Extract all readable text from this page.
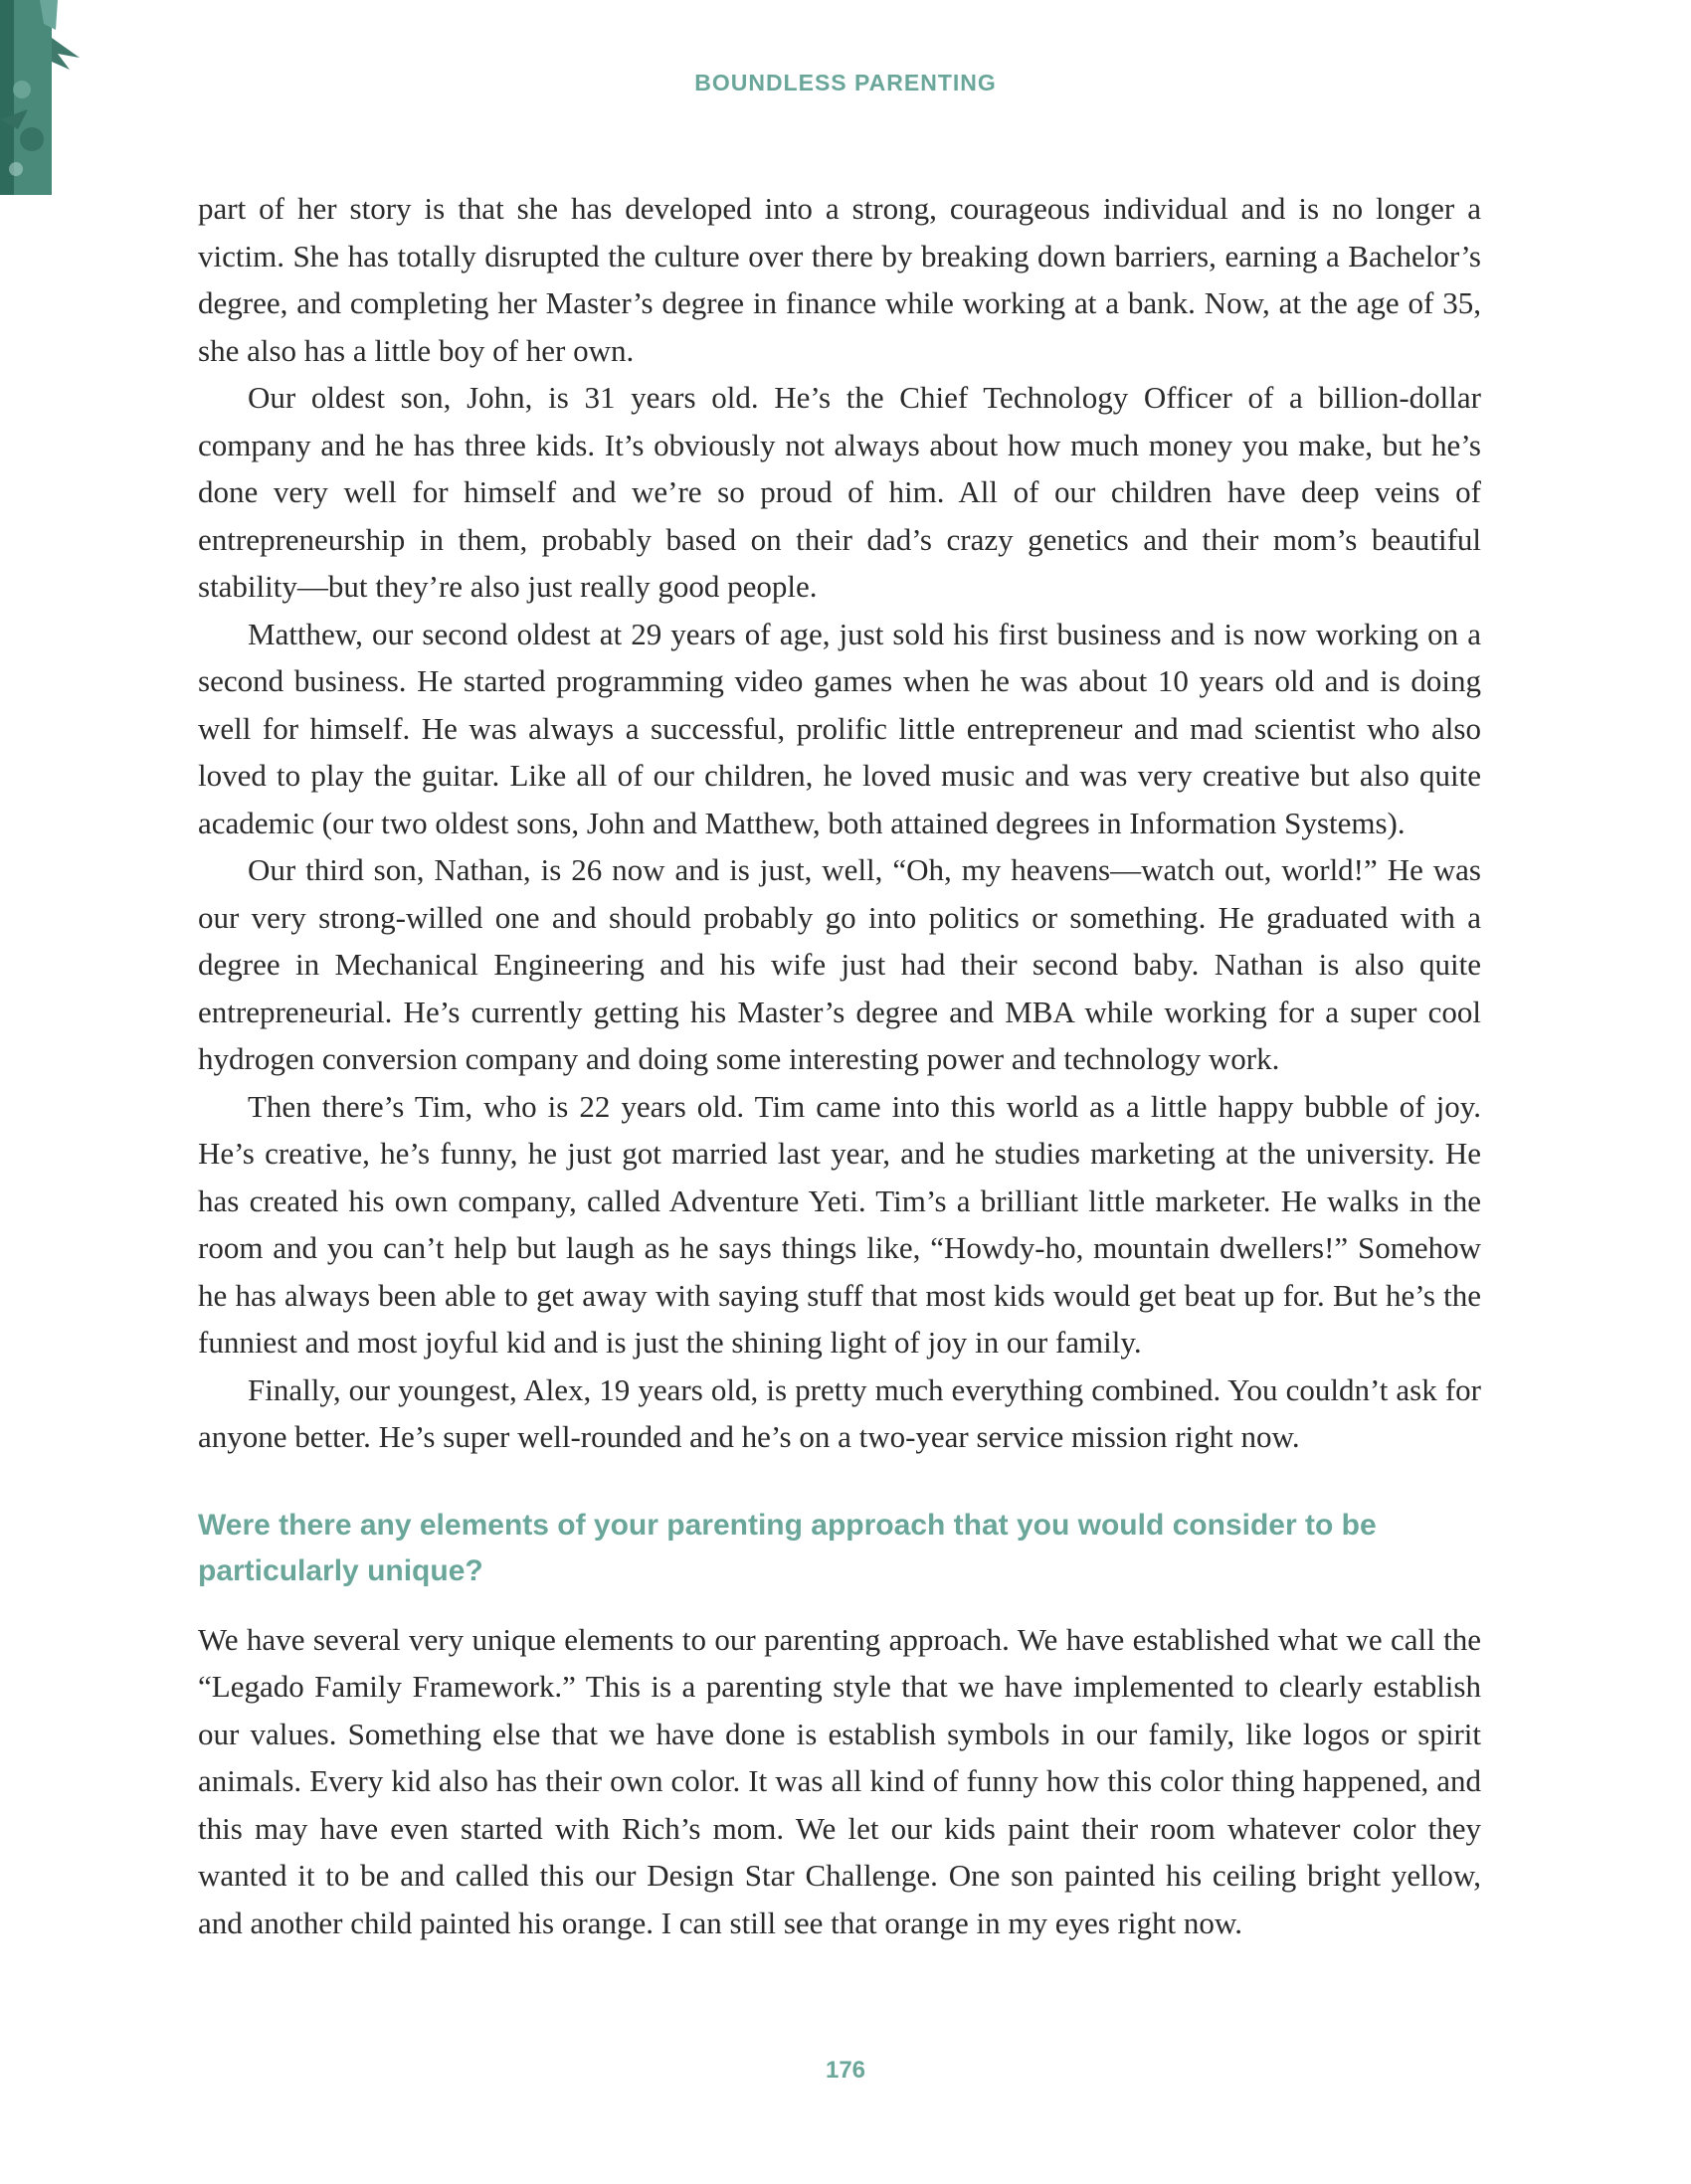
BOUNDLESS PARENTING

part of her story is that she has developed into a strong, courageous individual and is no longer a victim. She has totally disrupted the culture over there by breaking down barriers, earning a Bachelor’s degree, and completing her Master’s degree in finance while working at a bank. Now, at the age of 35, she also has a little boy of her own.

Our oldest son, John, is 31 years old. He’s the Chief Technology Officer of a billion-dollar company and he has three kids. It’s obviously not always about how much money you make, but he’s done very well for himself and we’re so proud of him. All of our children have deep veins of entrepreneurship in them, probably based on their dad’s crazy genetics and their mom’s beautiful stability—but they’re also just really good people.

Matthew, our second oldest at 29 years of age, just sold his first business and is now working on a second business. He started programming video games when he was about 10 years old and is doing well for himself. He was always a successful, prolific little entrepreneur and mad scientist who also loved to play the guitar. Like all of our children, he loved music and was very creative but also quite academic (our two oldest sons, John and Matthew, both attained degrees in Information Systems).

Our third son, Nathan, is 26 now and is just, well, “Oh, my heavens—watch out, world!” He was our very strong-willed one and should probably go into politics or something. He graduated with a degree in Mechanical Engineering and his wife just had their second baby. Nathan is also quite entrepreneurial. He’s currently getting his Master’s degree and MBA while working for a super cool hydrogen conversion company and doing some interesting power and technology work.

Then there’s Tim, who is 22 years old. Tim came into this world as a little happy bubble of joy. He’s creative, he’s funny, he just got married last year, and he studies marketing at the university. He has created his own company, called Adventure Yeti. Tim’s a brilliant little marketer. He walks in the room and you can’t help but laugh as he says things like, “Howdy-ho, mountain dwellers!” Somehow he has always been able to get away with saying stuff that most kids would get beat up for. But he’s the funniest and most joyful kid and is just the shining light of joy in our family.

Finally, our youngest, Alex, 19 years old, is pretty much everything combined. You couldn’t ask for anyone better. He’s super well-rounded and he’s on a two-year service mission right now.

Were there any elements of your parenting approach that you would consider to be particularly unique?

We have several very unique elements to our parenting approach. We have established what we call the “Legado Family Framework.” This is a parenting style that we have implemented to clearly establish our values. Something else that we have done is establish symbols in our family, like logos or spirit animals. Every kid also has their own color. It was all kind of funny how this color thing happened, and this may have even started with Rich’s mom. We let our kids paint their room whatever color they wanted it to be and called this our Design Star Challenge. One son painted his ceiling bright yellow, and another child painted his orange. I can still see that orange in my eyes right now.

176
